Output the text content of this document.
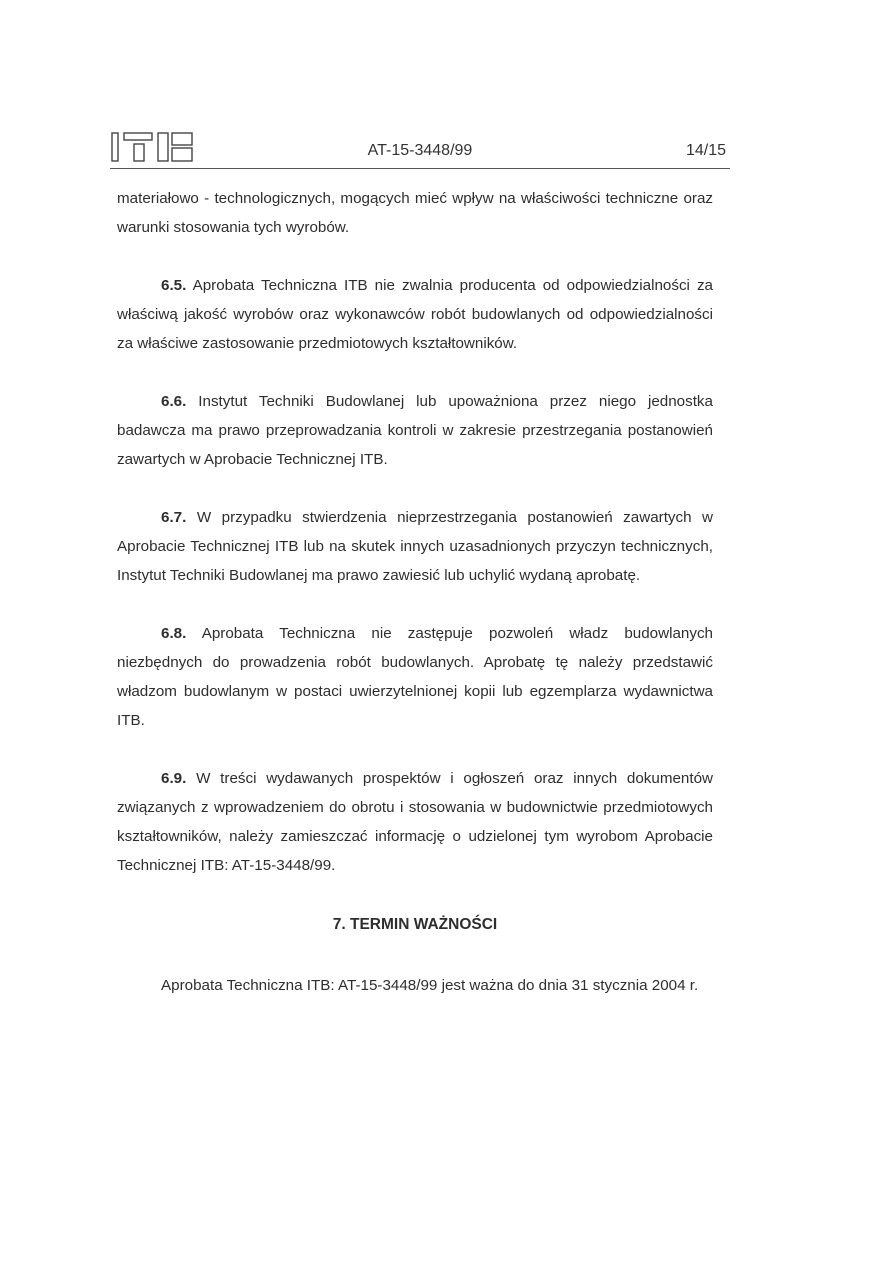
AT-15-3448/99	14/15

materiałowo - technologicznych, mogących mieć wpływ na właściwości techniczne oraz warunki stosowania tych wyrobów.

6.5. Aprobata Techniczna ITB nie zwalnia producenta od odpowiedzialności za właściwą jakość wyrobów oraz wykonawców robót budowlanych od odpowiedzialności za właściwe zastosowanie przedmiotowych kształtowników.

6.6. Instytut Techniki Budowlanej lub upoważniona przez niego jednostka badawcza ma prawo przeprowadzania kontroli w zakresie przestrzegania postanowień zawartych w Aprobacie Technicznej ITB.

6.7. W przypadku stwierdzenia nieprzestrzegania postanowień zawartych w Aprobacie Technicznej ITB lub na skutek innych uzasadnionych przyczyn technicznych, Instytut Techniki Budowlanej ma prawo zawiesić lub uchylić wydaną aprobatę.

6.8. Aprobata Techniczna nie zastępuje pozwoleń władz budowlanych niezbędnych do prowadzenia robót budowlanych. Aprobatę tę należy przedstawić władzom budowlanym w postaci uwierzytelnionej kopii lub egzemplarza wydawnictwa ITB.

6.9. W treści wydawanych prospektów i ogłoszeń oraz innych dokumentów związanych z wprowadzeniem do obrotu i stosowania w budownictwie przedmiotowych kształtowników, należy zamieszczać informację o udzielonej tym wyrobom Aprobacie Technicznej ITB: AT-15-3448/99.

7. TERMIN WAŻNOŚCI

Aprobata Techniczna ITB: AT-15-3448/99 jest ważna do dnia 31 stycznia 2004 r.
